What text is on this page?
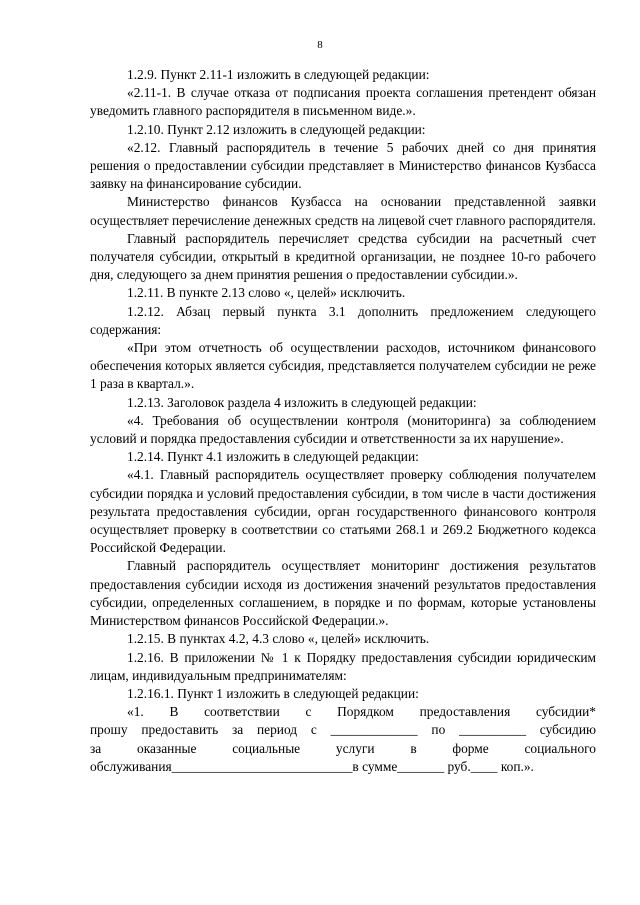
8

1.2.9. Пункт 2.11-1 изложить в следующей редакции:

«2.11-1. В случае отказа от подписания проекта соглашения претендент обязан уведомить главного распорядителя в письменном виде.».

1.2.10. Пункт 2.12 изложить в следующей редакции:

«2.12. Главный распорядитель в течение 5 рабочих дней со дня принятия решения о предоставлении субсидии представляет в Министерство финансов Кузбасса заявку на финансирование субсидии.

Министерство финансов Кузбасса на основании представленной заявки осуществляет перечисление денежных средств на лицевой счет главного распорядителя.

Главный распорядитель перечисляет средства субсидии на расчетный счет получателя субсидии, открытый в кредитной организации, не позднее 10-го рабочего дня, следующего за днем принятия решения о предоставлении субсидии.».

1.2.11. В пункте 2.13 слово «, целей» исключить.

1.2.12. Абзац первый пункта 3.1 дополнить предложением следующего содержания:

«При этом отчетность об осуществлении расходов, источником финансового обеспечения которых является субсидия, представляется получателем субсидии не реже 1 раза в квартал.».

1.2.13. Заголовок раздела 4 изложить в следующей редакции:

«4. Требования об осуществлении контроля (мониторинга) за соблюдением условий и порядка предоставления субсидии и ответственности за их нарушение».

1.2.14. Пункт 4.1 изложить в следующей редакции:

«4.1. Главный распорядитель осуществляет проверку соблюдения получателем субсидии порядка и условий предоставления субсидии, в том числе в части достижения результата предоставления субсидии, орган государственного финансового контроля осуществляет проверку в соответствии со статьями 268.1 и 269.2 Бюджетного кодекса Российской Федерации.

Главный распорядитель осуществляет мониторинг достижения результатов предоставления субсидии исходя из достижения значений результатов предоставления субсидии, определенных соглашением, в порядке и по формам, которые установлены Министерством финансов Российской Федерации.».

1.2.15. В пунктах 4.2, 4.3 слово «, целей» исключить.

1.2.16. В приложении № 1 к Порядку предоставления субсидии юридическим лицам, индивидуальным предпринимателям:

1.2.16.1. Пункт 1 изложить в следующей редакции:

«1. В соответствии с Порядком предоставления субсидии*

прошу предоставить за период с _____________ по __________ субсидию

за оказанные социальные услуги в форме социального

обслуживания___________________________в сумме_______ руб.____ коп.».
